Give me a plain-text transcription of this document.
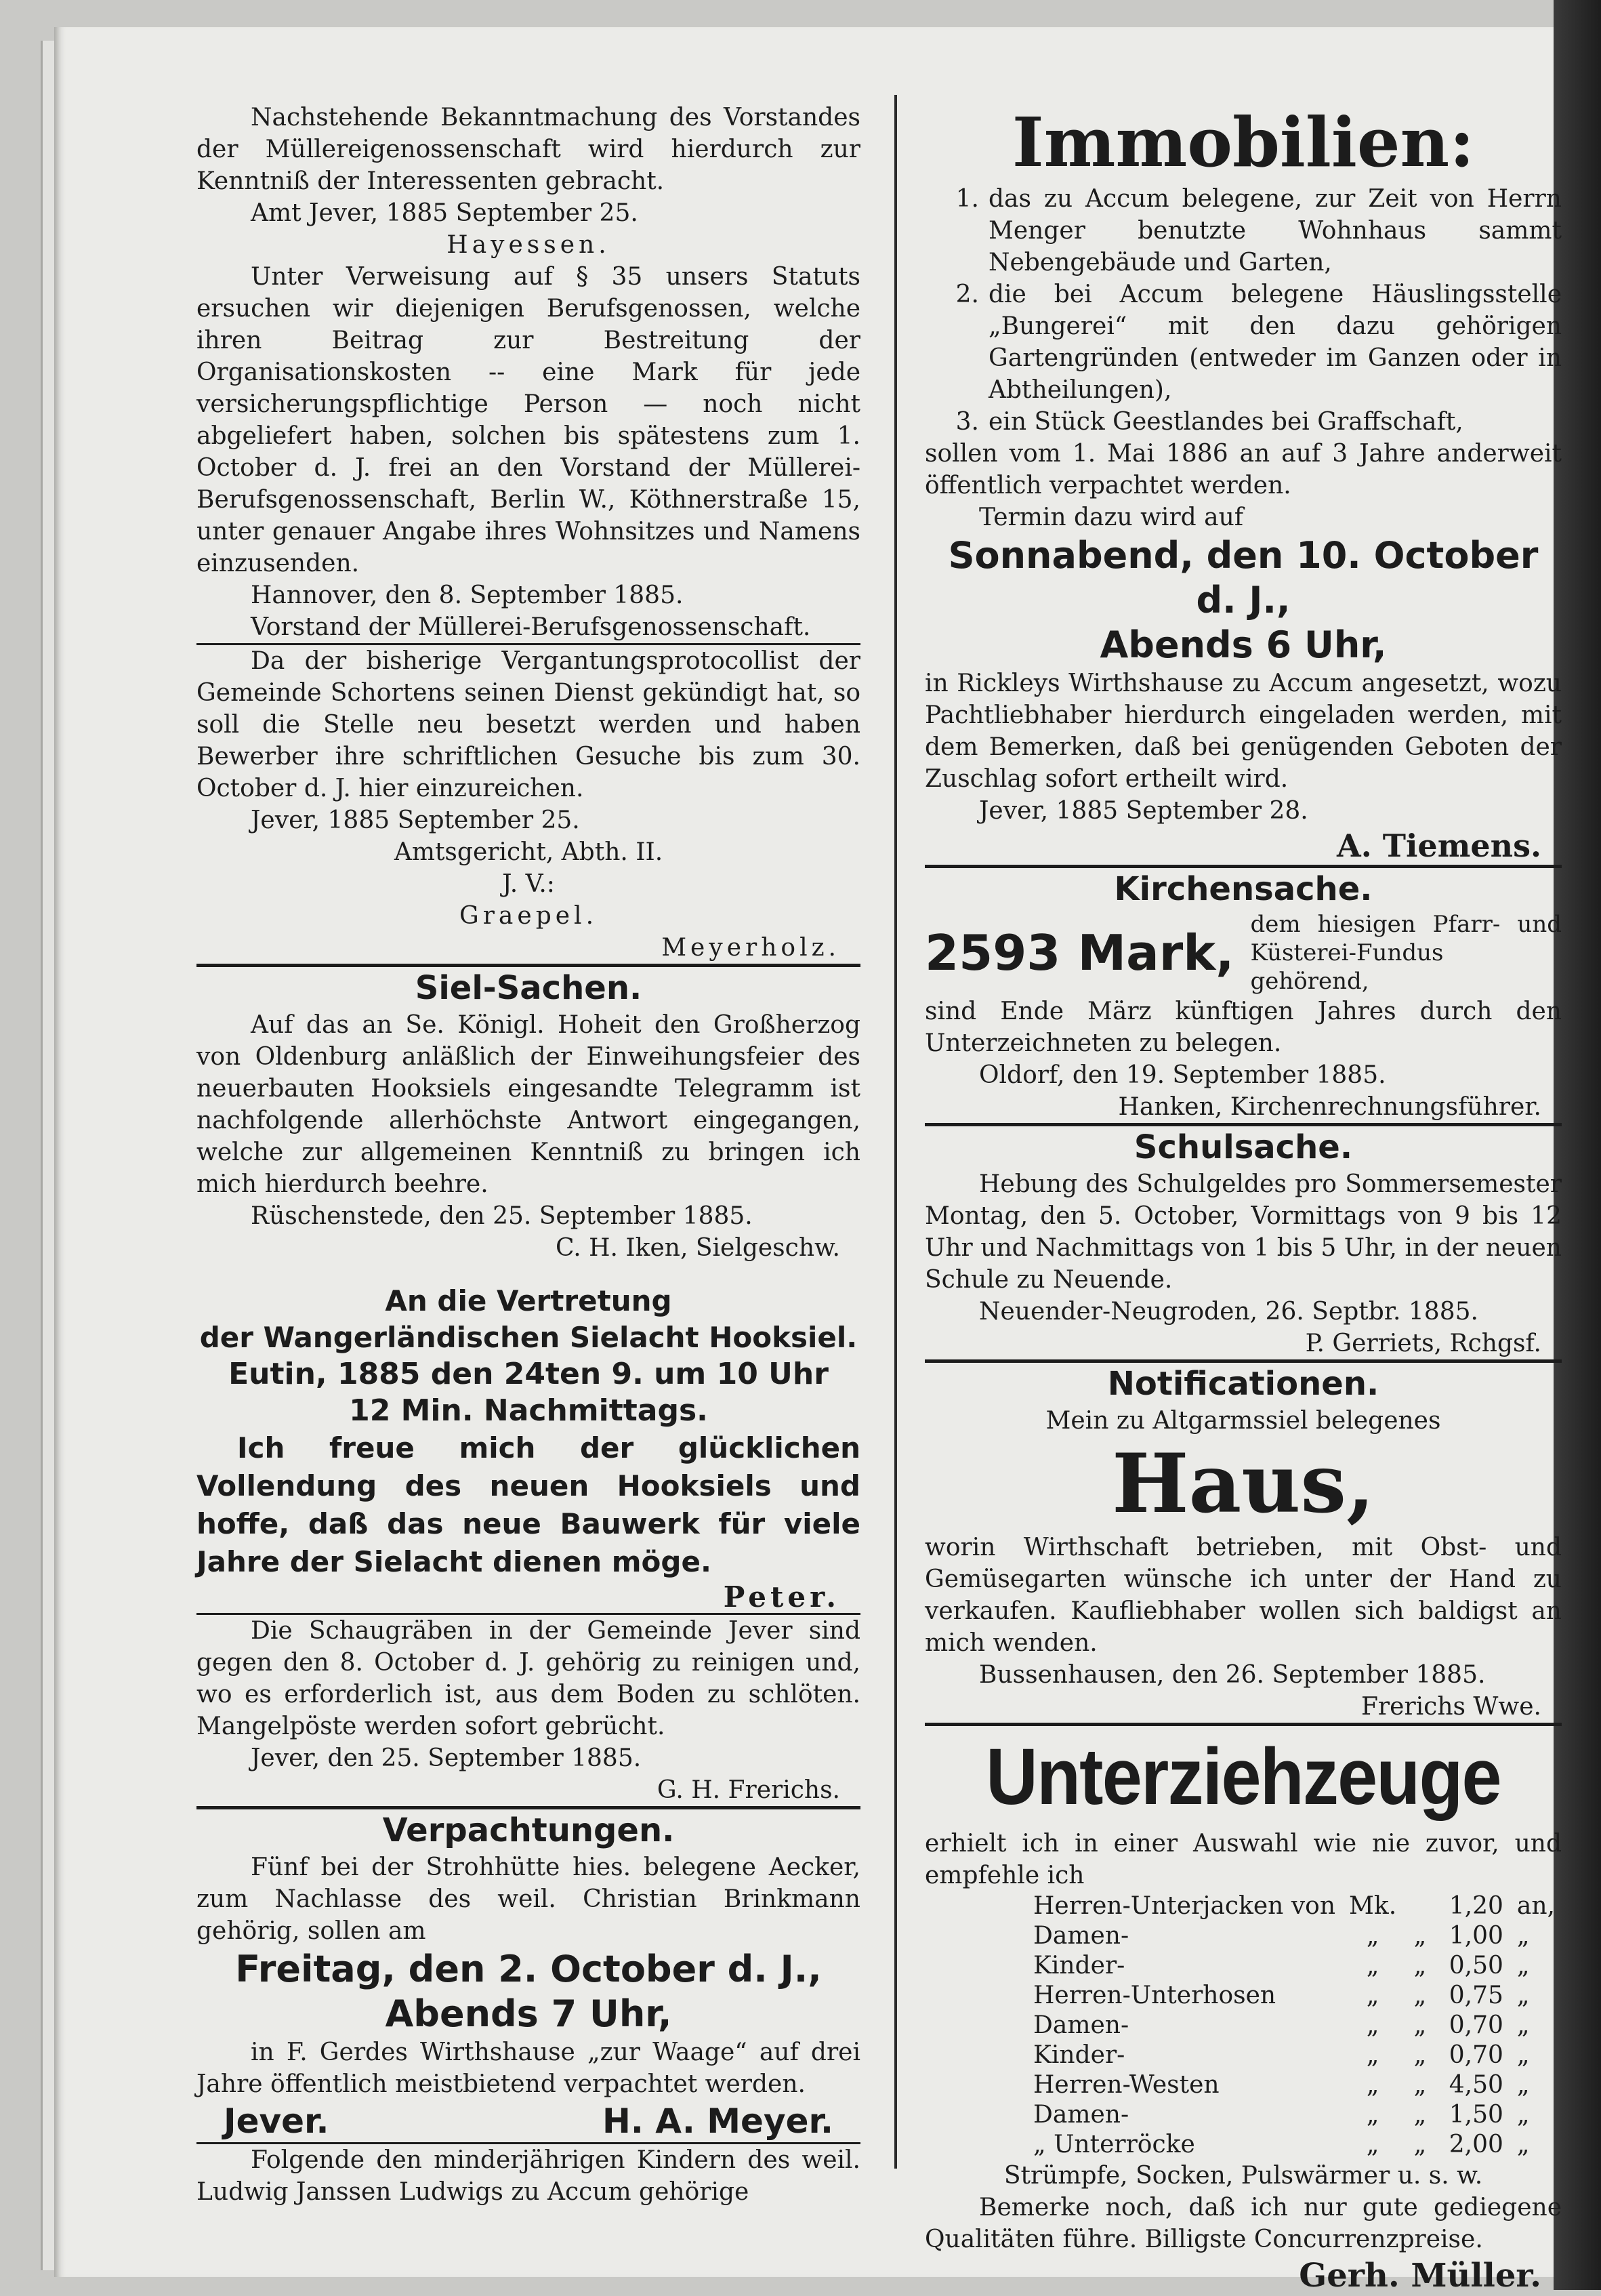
Nachstehende Bekanntmachung des Vorstandes der Müllereigenossenschaft wird hierdurch zur Kenntniß der Interessenten gebracht.

Amt Jever, 1885 September 25.

Hayessen.

Unter Verweisung auf § 35 unsers Statuts ersuchen wir diejenigen Berufsgenossen, welche ihren Beitrag zur Bestreitung der Organisationskosten -- eine Mark für jede versicherungspflichtige Person — noch nicht abgeliefert haben, solchen bis spätestens zum 1. October d. J. frei an den Vorstand der Müllerei-Berufsgenossenschaft, Berlin W., Köthnerstraße 15, unter genauer Angabe ihres Wohnsitzes und Namens einzusenden.

Hannover, den 8. September 1885.

Vorstand der Müllerei-Berufsgenossenschaft.

Da der bisherige Vergantungsprotocollist der Gemeinde Schortens seinen Dienst gekündigt hat, so soll die Stelle neu besetzt werden und haben Bewerber ihre schriftlichen Gesuche bis zum 30. October d. J. hier einzureichen.

Jever, 1885 September 25.

Amtsgericht, Abth. II.

J. V.:

Graepel.

Meyerholz.

Siel-Sachen.

Auf das an Se. Königl. Hoheit den Großherzog von Oldenburg anläßlich der Einweihungsfeier des neuerbauten Hooksiels eingesandte Telegramm ist nachfolgende allerhöchste Antwort eingegangen, welche zur allgemeinen Kenntniß zu bringen ich mich hierdurch beehre.

Rüschenstede, den 25. September 1885.

C. H. Iken, Sielgeschw.

An die Vertretung

der Wangerländischen Sielacht Hooksiel.

Eutin, 1885 den 24ten 9. um 10 Uhr

12 Min. Nachmittags.

Ich freue mich der glücklichen Vollendung des neuen Hooksiels und hoffe, daß das neue Bauwerk für viele Jahre der Sielacht dienen möge.

Peter.

Die Schaugräben in der Gemeinde Jever sind gegen den 8. October d. J. gehörig zu reinigen und, wo es erforderlich ist, aus dem Boden zu schlöten. Mangelpöste werden sofort gebrücht.

Jever, den 25. September 1885.

G. H. Frerichs.

Verpachtungen.

Fünf bei der Strohhütte hies. belegene Aecker, zum Nachlasse des weil. Christian Brinkmann gehörig, sollen am

Freitag, den 2. October d. J.,

Abends 7 Uhr,

in F. Gerdes Wirthshause „zur Waage“ auf drei Jahre öffentlich meistbietend verpachtet werden.

Jever.	H. A. Meyer.

Folgende den minderjährigen Kindern des weil. Ludwig Janssen Ludwigs zu Accum gehörige

Immobilien:

1. das zu Accum belegene, zur Zeit von Herrn Menger benutzte Wohnhaus sammt Nebengebäude und Garten,
2. die bei Accum belegene Häuslingsstelle „Bungerei“ mit den dazu gehörigen Gartengründen (entweder im Ganzen oder in Abtheilungen),
3. ein Stück Geestlandes bei Graffschaft,

sollen vom 1. Mai 1886 an auf 3 Jahre anderweit öffentlich verpachtet werden.

Termin dazu wird auf

Sonnabend, den 10. October d. J.,

Abends 6 Uhr,

in Rickleys Wirthshause zu Accum angesetzt, wozu Pachtliebhaber hierdurch eingeladen werden, mit dem Bemerken, daß bei genügenden Geboten der Zuschlag sofort ertheilt wird.

Jever, 1885 September 28.

A. Tiemens.

Kirchensache.

2593 Mark, dem hiesigen Pfarr- und Küsterei-Fundus gehörend,

sind Ende März künftigen Jahres durch den Unterzeichneten zu belegen.

Oldorf, den 19. September 1885.

Hanken, Kirchenrechnungsführer.

Schulsache.

Hebung des Schulgeldes pro Sommersemester Montag, den 5. October, Vormittags von 9 bis 12 Uhr und Nachmittags von 1 bis 5 Uhr, in der neuen Schule zu Neuende.

Neuender-Neugroden, 26. Septbr. 1885.

P. Gerriets, Rchgsf.

Notificationen.

Mein zu Altgarmssiel belegenes

Haus,

worin Wirthschaft betrieben, mit Obst- und Gemüsegarten wünsche ich unter der Hand zu verkaufen. Kaufliebhaber wollen sich baldigst an mich wenden.

Bussenhausen, den 26. September 1885.

Frerichs Wwe.

Unterziehzeuge

erhielt ich in einer Auswahl wie nie zuvor, und empfehle ich

Herren-Unterjacken von	Mk.		1,20	an,
Damen-	„	„	1,00	„
Kinder-	„	„	0,50	„
Herren-Unterhosen	„	„	0,75	„
Damen-	„	„	0,70	„
Kinder-	„	„	0,70	„
Herren-Westen	„	„	4,50	„
Damen-	„	„	1,50	„
„ Unterröcke	„	„	2,00	„

Strümpfe, Socken, Pulswärmer u. s. w.

Bemerke noch, daß ich nur gute gediegene Qualitäten führe. Billigste Concurrenzpreise.

Gerh. Müller.
